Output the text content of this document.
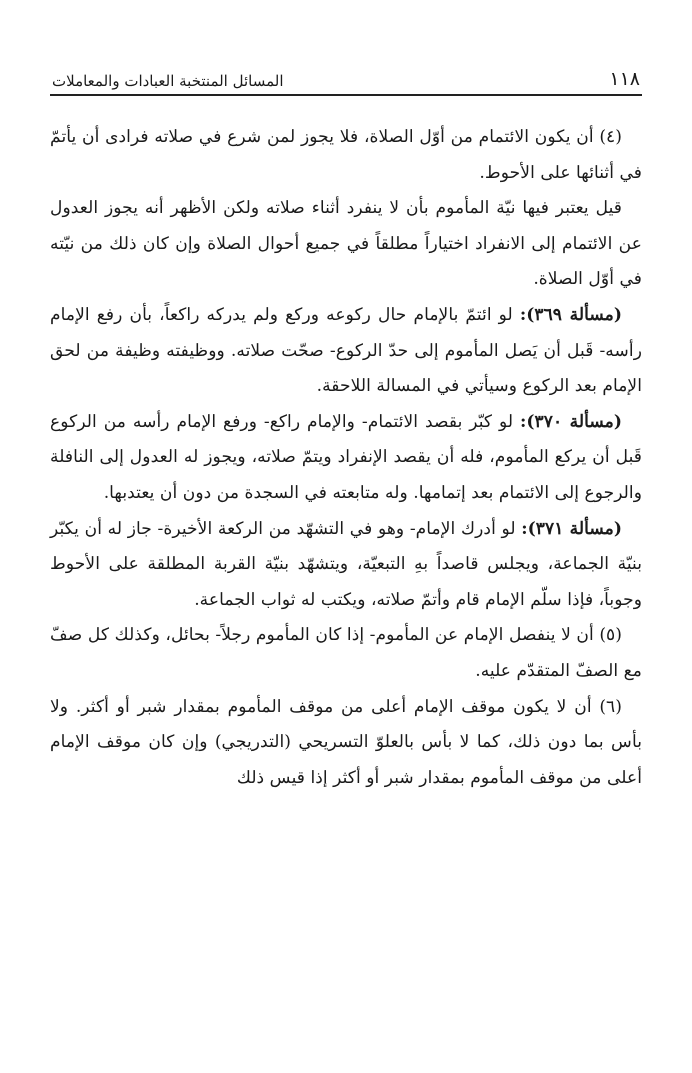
١١٨
المسائل المنتخبة العبادات والمعاملات

(٤) أن يكون الائتمام من أوّل الصلاة، فلا يجوز لمن شرع في صلاته فرادى أن يأتمّ في أثنائها على الأحوط.

قيل يعتبر فيها نيّة المأموم بأن لا ينفرد أثناء صلاته ولكن الأظهر أنه يجوز العدول عن الائتمام إلى الانفراد اختياراً مطلقاً في جميع أحوال الصلاة وإن كان ذلك من نيّته في أوّل الصلاة.

(مسألة ٣٦٩): لو ائتمّ بالإمام حال ركوعه وركع ولم يدركه راكعاً، بأن رفع الإمام رأسه- قَبل أن يَصل المأموم إلى حدّ الركوع- صحّت صلاته. ووظيفته وظيفة من لحق الإمام بعد الركوع وسيأتي في المسالة اللاحقة.

(مسألة ٣٧٠): لو كبّر بقصد الائتمام- والإمام راكع- ورفع الإمام رأسه من الركوع قَبل أن يركع المأموم، فله أن يقصد الإنفراد ويتمّ صلاته، ويجوز له العدول إلى النافلة والرجوع إلى الائتمام بعد إتمامها. وله متابعته في السجدة من دون أن يعتدبها.

(مسألة ٣٧١): لو أدرك الإمام- وهو في التشهّد من الركعة الأخيرة- جاز له أن يكبّر بنيّة الجماعة، ويجلس قاصداً بهِ التبعيّة، ويتشهّد بنيّة القربة المطلقة على الأحوط وجوباً، فإذا سلّم الإمام قام وأتمّ صلاته، ويكتب له ثواب الجماعة.

(٥) أن لا ينفصل الإمام عن المأموم- إذا كان المأموم رجلاً- بحائل، وكذلك كل صفّ مع الصفّ المتقدّم عليه.

(٦) أن لا يكون موقف الإمام أعلى من موقف المأموم بمقدار شبر أو أكثر. ولا بأس بما دون ذلك، كما لا بأس بالعلوّ التسريحي (التدريجي) وإن كان موقف الإمام أعلى من موقف المأموم بمقدار شبر أو أكثر إذا قيس ذلك
